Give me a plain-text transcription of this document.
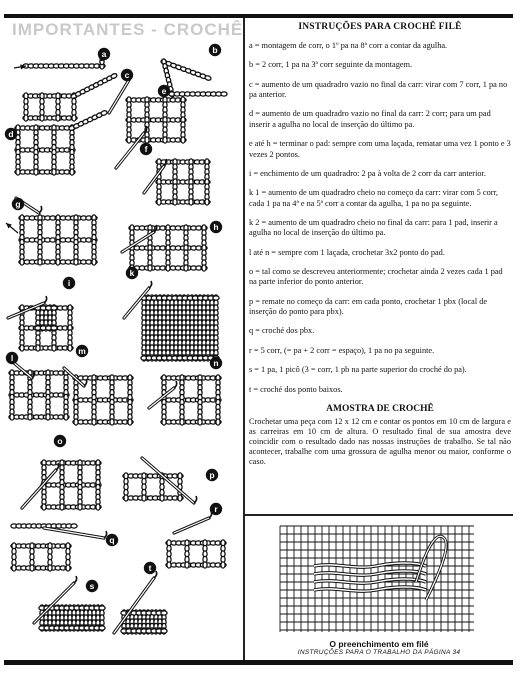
IMPORTANTES - CROCHÊ
a	b
c
d
e
f
g
h
i
k
l
m
n
o
p
q
r
s
t
INSTRUÇÕES PARA CROCHÊ FILÊ
a = montagem de corr, o 1º pa na 8ª corr a contar da agulha.
b = 2 corr, 1 pa na 3ª corr seguinte da montagem.
c = aumento de um quadradro vazio no final da carr: virar com 7 corr, 1 pa no pa anterior.
d = aumento de um quadradro vazio no final da carr: 2 corr; para um pad inserir a agulha no local de inserção do último pa.
e até h = terminar o pad: sempre com uma laçada, rematar uma vez 1 ponto e 3 vezes 2 pontos.
i = enchimento de um quadradro: 2 pa à volta de 2 corr da carr anterior.
k 1 = aumento de um quadradro cheio no começo da carr: virar com 5 corr, cada 1 pa na 4ª e na 5ª corr a contar da agulha, 1 pa no pa seguinte.
k 2 = aumento de um quadradro cheio no final da carr: para 1 pad, inserir a agulha no local de inserção do último pa.
l até n = sempre com 1 laçada, crochetar 3x2 ponto do pad.
o = tal como se descreveu anteriormente; crochetar ainda 2 vezes cada 1 pad na parte inferior do ponto anterior.
p = remate no começo da carr: em cada ponto, crochetar 1 pbx (local de inserção do ponto para pbx).
q = croché dos pbx.
r = 5 corr, (= pa + 2 corr = espaço), 1 pa no pa seguinte.
s = 1 pa, 1 picô (3 = corr, 1 pb na parte superior do croché do pa).
t = croché dos ponto baixos.
AMOSTRA DE CROCHÊ
Crochetar uma peça com 12 x 12 cm e contar os pontos em 10 cm de largura e as carreiras em 10 cm de altura. O resultado final de sua amostra deve coincidir com o resultado dado nas nossas instruções de trabalho. Se tal não acontecer, trabalhe com uma grossura de agulha menor ou maior, conforme o caso.
O preenchimento em filé
INSTRUÇÕES PARA O TRABALHO DA PÁGINA 34
